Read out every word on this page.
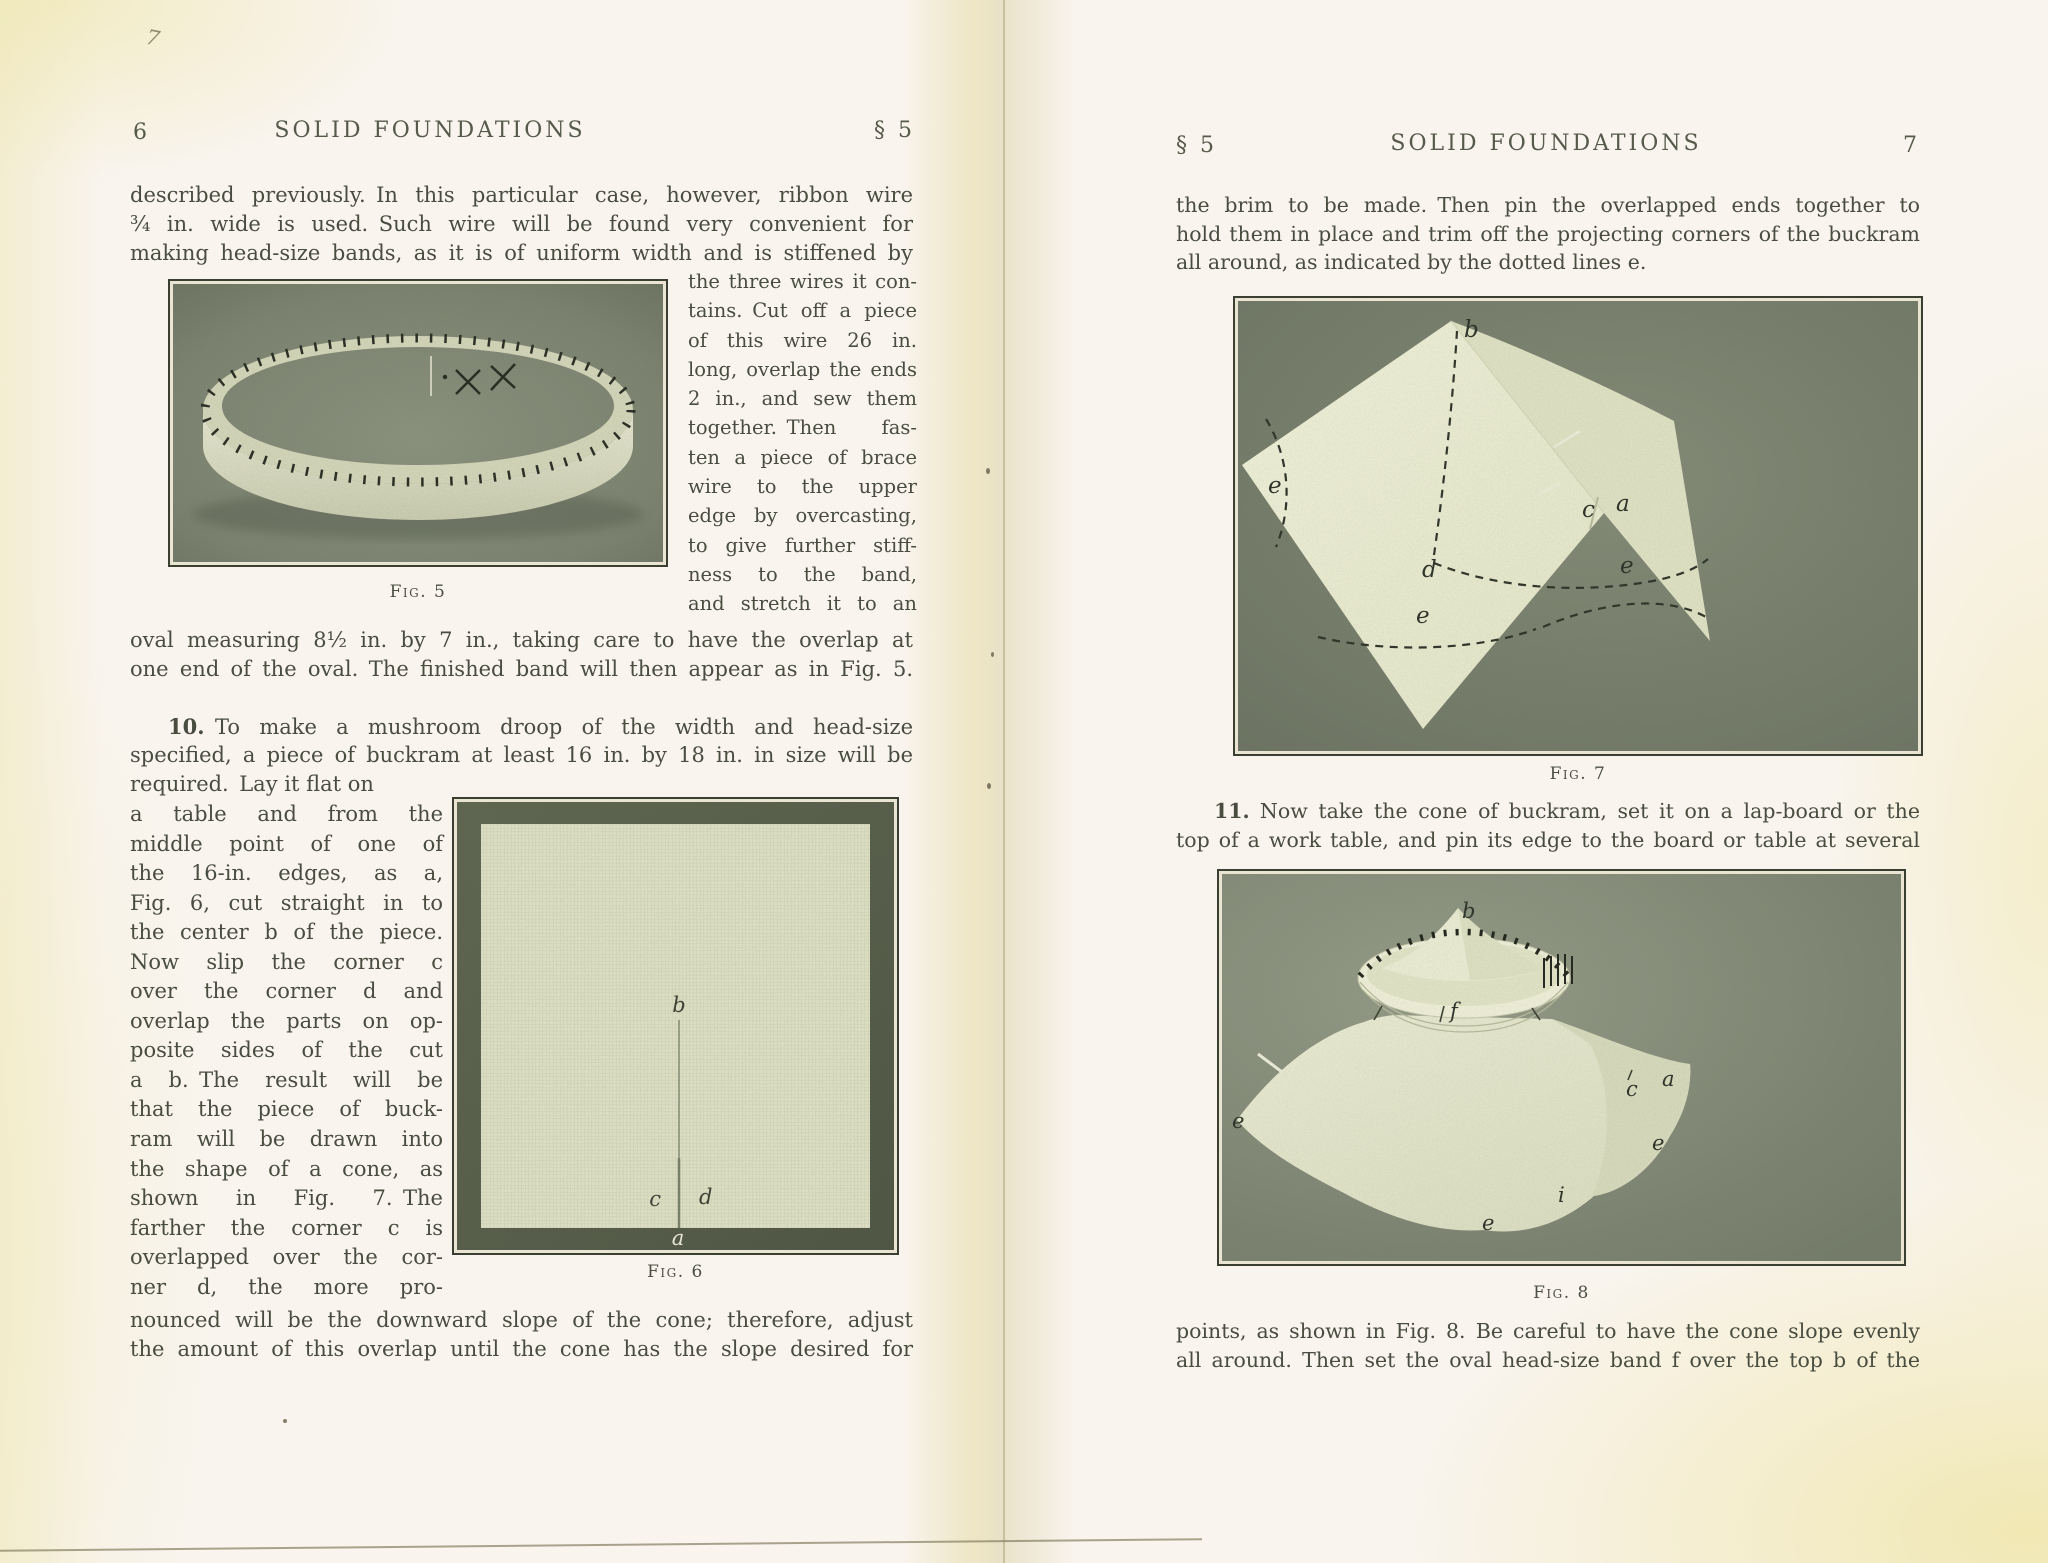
7
6	SOLID FOUNDATIONS	§ 5
described previously. In this particular case, however, ribbon wire
¾ in. wide is used. Such wire will be found very convenient for
making head-size bands, as it is of uniform width and is stiffened by
Fig. 5
the three wires it con-
tains. Cut off a piece
of this wire 26 in.
long, overlap the ends
2 in., and sew them
together. Then fas-
ten a piece of brace
wire to the upper
edge by overcasting,
to give further stiff-
ness to the band,
and stretch it to an
oval measuring 8½ in. by 7 in., taking care to have the overlap at
one end of the oval. The finished band will then appear as in Fig. 5.
10. To make a mushroom droop of the width and head-size
specified, a piece of buckram at least 16 in. by 18 in. in size will be
required. Lay it flat on
a table and from the
middle point of one of
the 16-in. edges, as a,
Fig. 6, cut straight in to
the center b of the piece.
Now slip the corner c
over the corner d and
overlap the parts on op-
posite sides of the cut
a b. The result will be
that the piece of buck-
ram will be drawn into
the shape of a cone, as
shown in Fig. 7. The
farther the corner c is
overlapped over the cor-
ner d, the more pro-
Fig. 6
nounced will be the downward slope of the cone; therefore, adjust
the amount of this overlap until the cone has the slope desired for
§ 5	SOLID FOUNDATIONS	7
the brim to be made. Then pin the overlapped ends together to
hold them in place and trim off the projecting corners of the buckram
all around, as indicated by the dotted lines e.
Fig. 7
11. Now take the cone of buckram, set it on a lap-board or the
top of a work table, and pin its edge to the board or table at several
Fig. 8
points, as shown in Fig. 8. Be careful to have the cone slope evenly
all around. Then set the oval head-size band f over the top b of the
